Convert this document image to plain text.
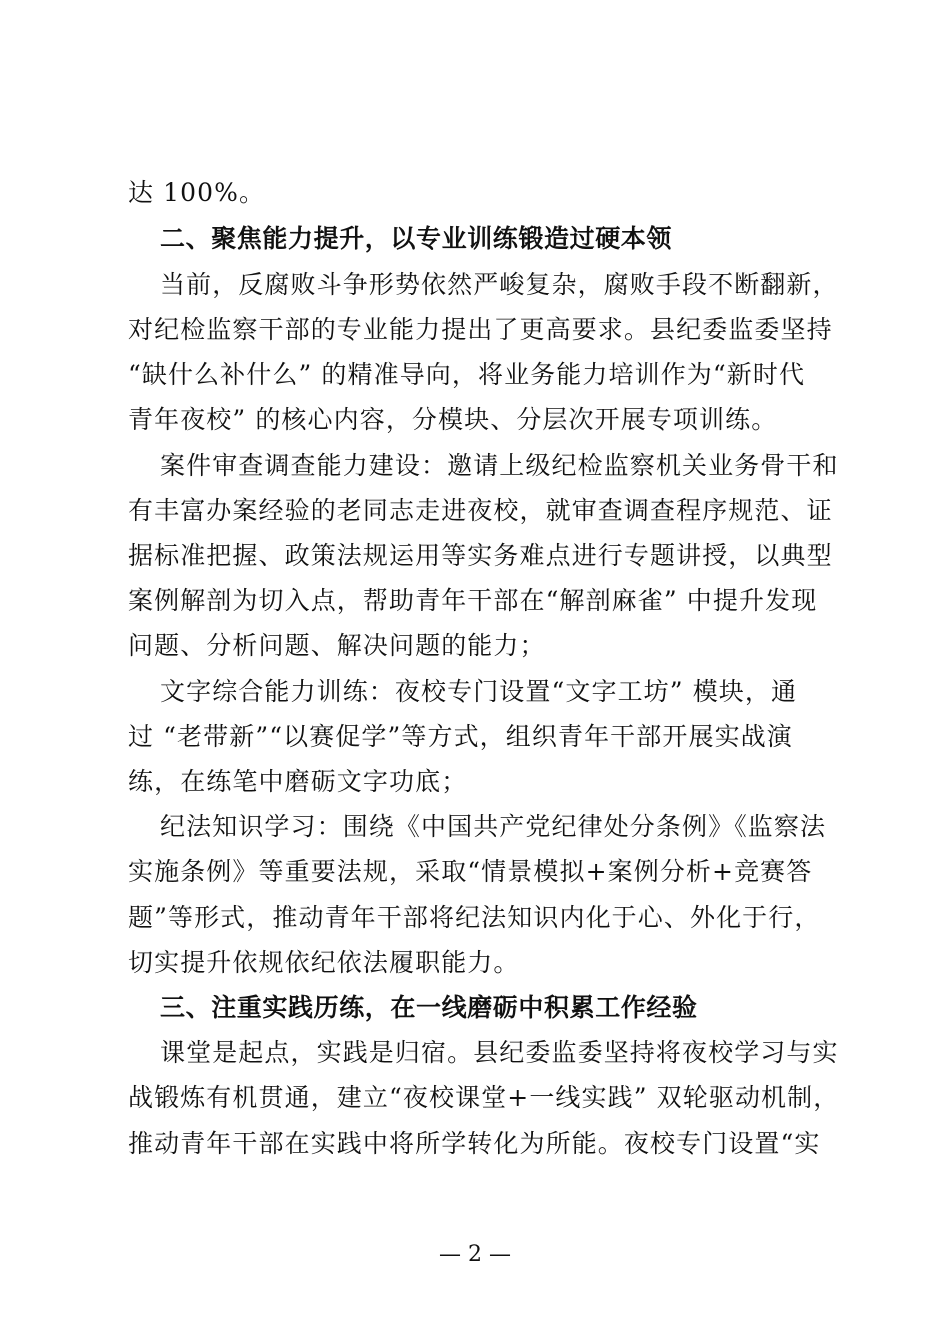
达 100%。
二、聚焦能力提升，以专业训练锻造过硬本领
当前，反腐败斗争形势依然严峻复杂，腐败手段不断翻新，
对纪检监察干部的专业能力提出了更高要求。县纪委监委坚持
“缺什么补什么” 的精准导向，将业务能力培训作为“新时代
青年夜校” 的核心内容，分模块、分层次开展专项训练。
案件审查调查能力建设：邀请上级纪检监察机关业务骨干和
有丰富办案经验的老同志走进夜校，就审查调查程序规范、证
据标准把握、政策法规运用等实务难点进行专题讲授，以典型
案例解剖为切入点，帮助青年干部在“解剖麻雀” 中提升发现
问题、分析问题、解决问题的能力；
文字综合能力训练：夜校专门设置“文字工坊” 模块，通
过 “老带新”“以赛促学”等方式，组织青年干部开展实战演
练，在练笔中磨砺文字功底；
纪法知识学习：围绕《中国共产党纪律处分条例》《监察法
实施条例》等重要法规，采取“情景模拟+案例分析+竞赛答
题”等形式，推动青年干部将纪法知识内化于心、外化于行，
切实提升依规依纪依法履职能力。
三、注重实践历练，在一线磨砺中积累工作经验
课堂是起点，实践是归宿。县纪委监委坚持将夜校学习与实
战锻炼有机贯通，建立“夜校课堂+一线实践” 双轮驱动机制，
推动青年干部在实践中将所学转化为所能。夜校专门设置“实
— 2 —
